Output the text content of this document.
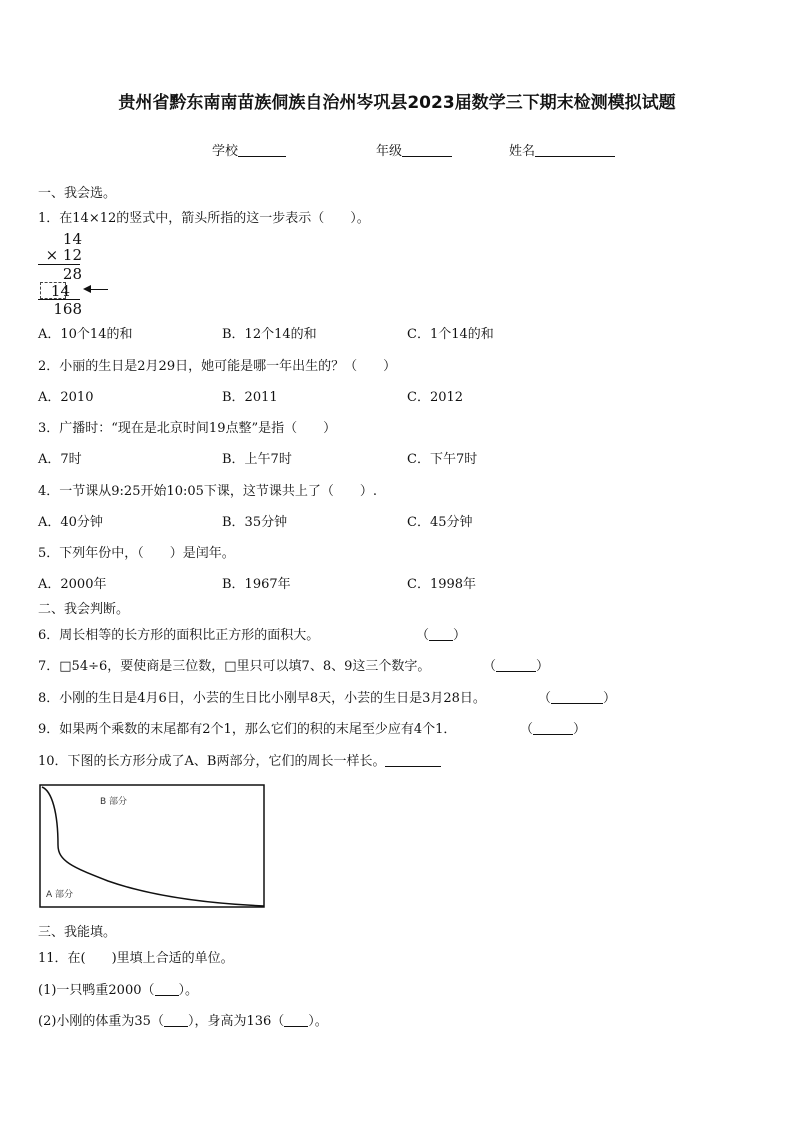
贵州省黔东南南苗族侗族自治州岑巩县2023届数学三下期末检测模拟试题
学校	年级	姓名
一、我会选。
1．在14×12的竖式中，箭头所指的这一步表示（　　）。
14
× 12
28
14
168
A．10个14的和	B．12个14的和	C．1个14的和
2．小丽的生日是2月29日，她可能是哪一年出生的？（　　）
A．2010	B．2011	C．2012
3．广播时：“现在是北京时间19点整”是指（　　）
A．7时	B．上午7时	C．下午7时
4．一节课从9:25开始10:05下课，这节课共上了（　　）.
A．40分钟	B．35分钟	C．45分钟
5．下列年份中，（　　）是闰年。
A．2000年	B．1967年	C．1998年
二、我会判断。
6．周长相等的长方形的面积比正方形的面积大。	（ ）
7．□54÷6，要使商是三位数，□里只可以填7、8、9这三个数字。	（	）
8．小刚的生日是4月6日，小芸的生日比小刚早8天，小芸的生日是3月28日。	（	）
9．如果两个乘数的末尾都有2个1，那么它们的积的末尾至少应有4个1．	（	）
10．下图的长方形分成了A、B两部分，它们的周长一样长。
B 部分
A 部分
三、我能填。
11．在(　　)里填上合适的单位。
(1)一只鸭重2000（ ）。
(2)小刚的体重为35（ ），身高为136（ ）。
